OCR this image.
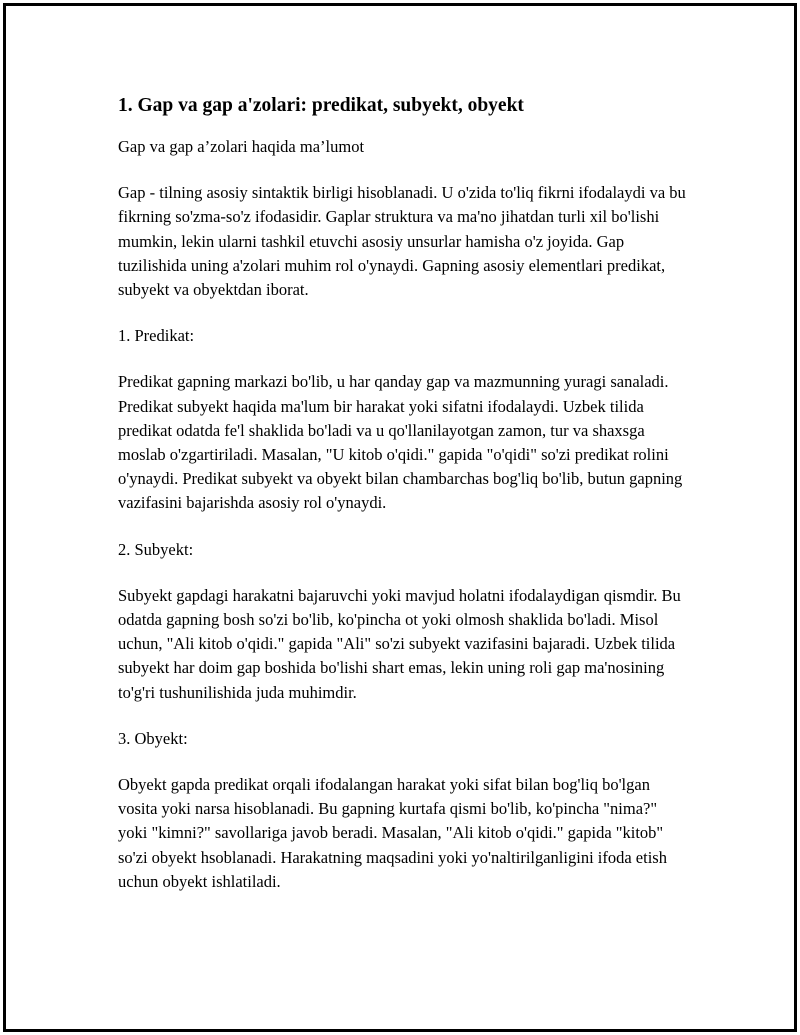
1. Gap va gap a'zolari: predikat, subyekt, obyekt

Gap va gap a’zolari haqida ma’lumot

Gap - tilning asosiy sintaktik birligi hisoblanadi. U o'zida to'liq fikrni ifodalaydi va bu fikrning so'zma-so'z ifodasidir. Gaplar struktura va ma'no jihatdan turli xil bo'lishi mumkin, lekin ularni tashkil etuvchi asosiy unsurlar hamisha o'z joyida. Gap tuzilishida uning a'zolari muhim rol o'ynaydi. Gapning asosiy elementlari predikat, subyekt va obyektdan iborat.

1. Predikat:

Predikat gapning markazi bo'lib, u har qanday gap va mazmunning yuragi sanaladi. Predikat subyekt haqida ma'lum bir harakat yoki sifatni ifodalaydi. Uzbek tilida predikat odatda fe'l shaklida bo'ladi va u qo'llanilayotgan zamon, tur va shaxsga moslab o'zgartiriladi. Masalan, "U kitob o'qidi." gapida "o'qidi" so'zi predikat rolini o'ynaydi. Predikat subyekt va obyekt bilan chambarchas bog'liq bo'lib, butun gapning vazifasini bajarishda asosiy rol o'ynaydi.

2. Subyekt:

Subyekt gapdagi harakatni bajaruvchi yoki mavjud holatni ifodalaydigan qismdir. Bu odatda gapning bosh so'zi bo'lib, ko'pincha ot yoki olmosh shaklida bo'ladi. Misol uchun, "Ali kitob o'qidi." gapida "Ali" so'zi subyekt vazifasini bajaradi. Uzbek tilida subyekt har doim gap boshida bo'lishi shart emas, lekin uning roli gap ma'nosining to'g'ri tushunilishida juda muhimdir.

3. Obyekt:

Obyekt gapda predikat orqali ifodalangan harakat yoki sifat bilan bog'liq bo'lgan vosita yoki narsa hisoblanadi. Bu gapning kurtafa qismi bo'lib, ko'pincha "nima?" yoki "kimni?" savollariga javob beradi. Masalan, "Ali kitob o'qidi." gapida "kitob" so'zi obyekt hsoblanadi. Harakatning maqsadini yoki yo'naltirilganligini ifoda etish uchun obyekt ishlatiladi.
